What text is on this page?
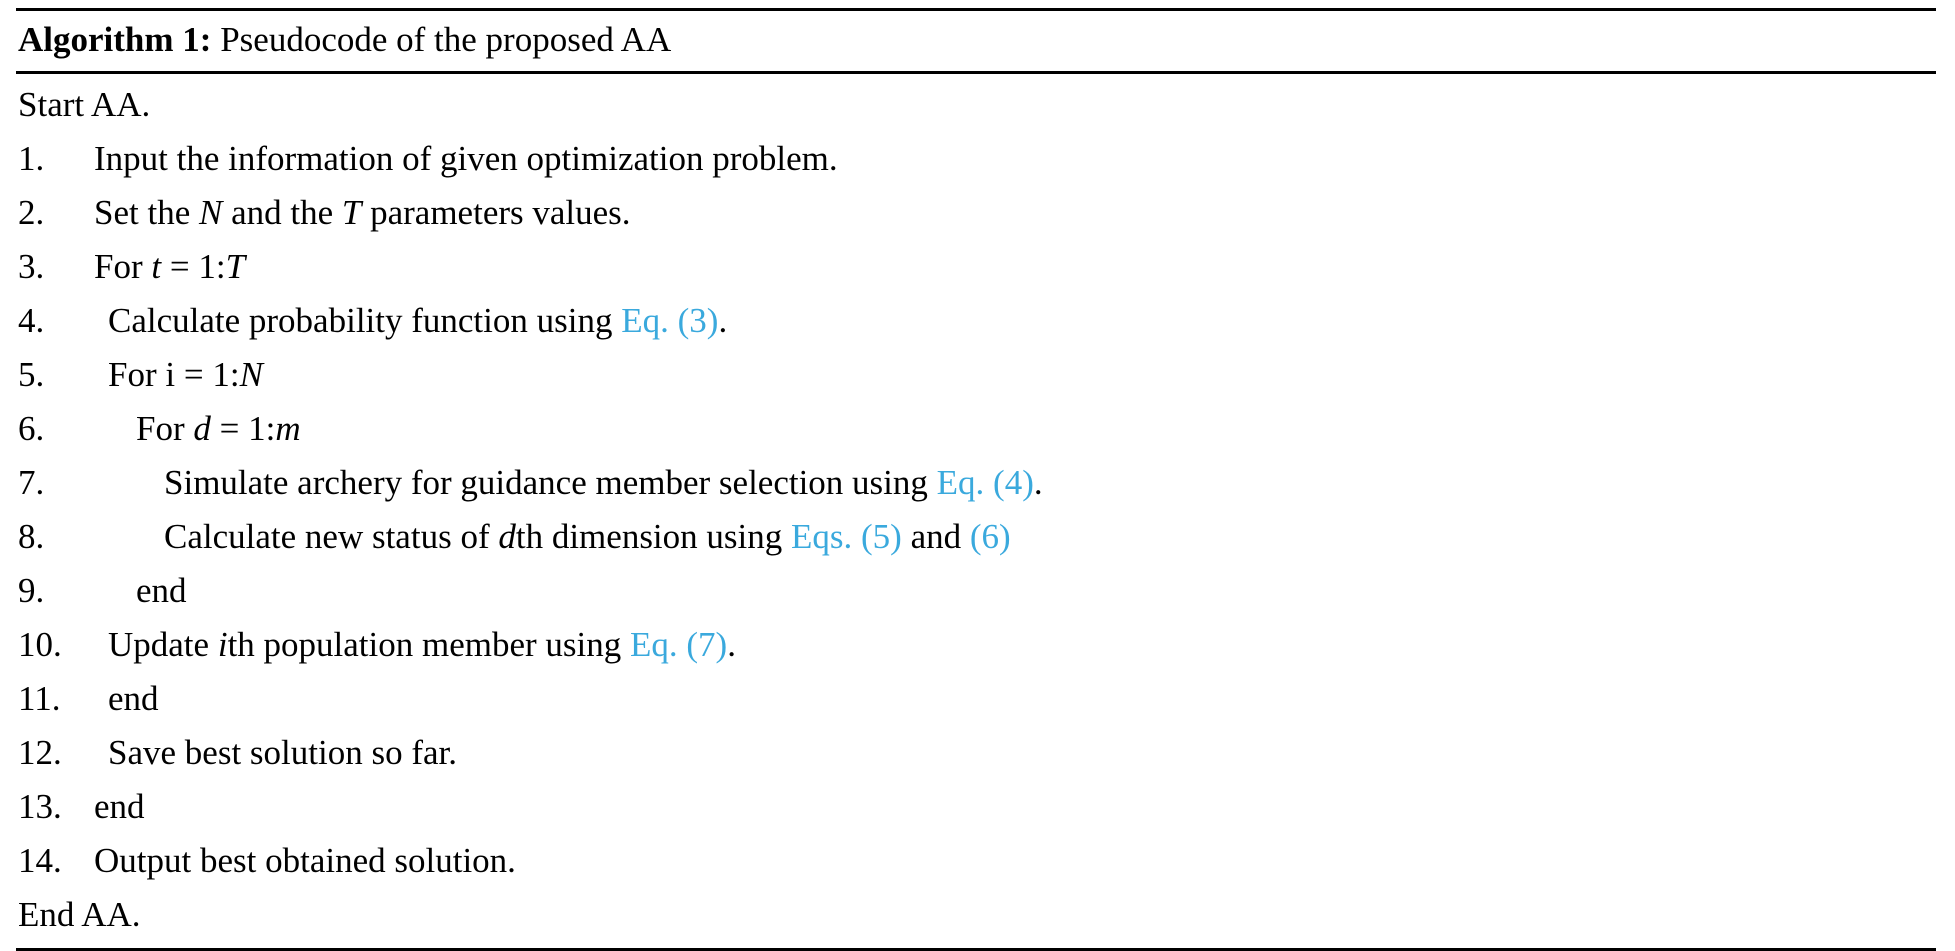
Algorithm 1: Pseudocode of the proposed AA
Start AA.
1.	Input the information of given optimization problem.
2.	Set the N and the T parameters values.
3.	For t = 1:T
4.	Calculate probability function using Eq. (3).
5.	For i = 1:N
6.	For d = 1:m
7.	Simulate archery for guidance member selection using Eq. (4).
8.	Calculate new status of dth dimension using Eqs. (5) and (6)
9.	end
10.	Update ith population member using Eq. (7).
11.	end
12.	Save best solution so far.
13. end
14. Output best obtained solution.
End AA.
